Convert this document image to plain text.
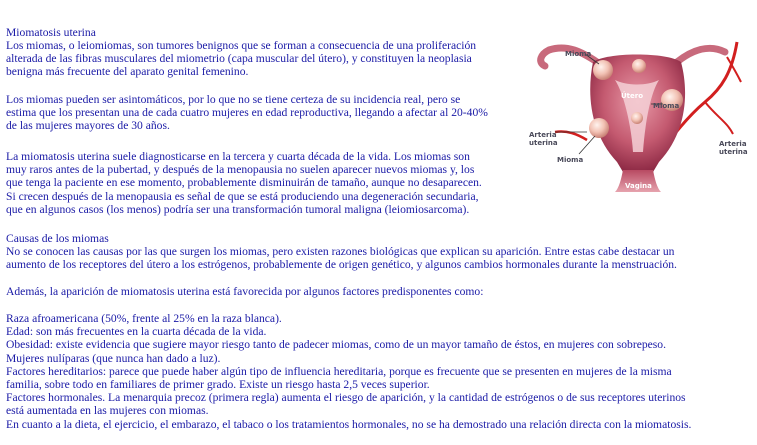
Miomatosis uterina
Los miomas, o leiomiomas, son tumores benignos que se forman a consecuencia de una proliferación
alterada de las fibras musculares del miometrio (capa muscular del útero), y constituyen la neoplasia
benigna más frecuente del aparato genital femenino.
Los miomas pueden ser asintomáticos, por lo que no se tiene certeza de su incidencia real, pero se
estima que los presentan una de cada cuatro mujeres en edad reproductiva, llegando a afectar al 20-40%
de las mujeres mayores de 30 años.
La miomatosis uterina suele diagnosticarse en la tercera y cuarta década de la vida. Los miomas son
muy raros antes de la pubertad, y después de la menopausia no suelen aparecer nuevos miomas y, los
que tenga la paciente en ese momento, probablemente disminuirán de tamaño, aunque no desaparecen.
Si crecen después de la menopausia es señal de que se está produciendo una degeneración secundaria,
que en algunos casos (los menos) podría ser una transformación tumoral maligna (leiomiosarcoma).
Causas de los miomas
No se conocen las causas por las que surgen los miomas, pero existen razones biológicas que explican su aparición. Entre estas cabe destacar un
aumento de los receptores del útero a los estrógenos, probablemente de origen genético, y algunos cambios hormonales durante la menstruación.
Además, la aparición de miomatosis uterina está favorecida por algunos factores predisponentes como:
Raza afroamericana (50%, frente al 25% en la raza blanca).
Edad: son más frecuentes en la cuarta década de la vida.
Obesidad: existe evidencia que sugiere mayor riesgo tanto de padecer miomas, como de un mayor tamaño de éstos, en mujeres con sobrepeso.
Mujeres nulíparas (que nunca han dado a luz).
Factores hereditarios: parece que puede haber algún tipo de influencia hereditaria, porque es frecuente que se presenten en mujeres de la misma
familia, sobre todo en familiares de primer grado. Existe un riesgo hasta 2,5 veces superior.
Factores hormonales. La menarquia precoz (primera regla) aumenta el riesgo de aparición, y la cantidad de estrógenos o de sus receptores uterinos
está aumentada en las mujeres con miomas.
En cuanto a la dieta, el ejercicio, el embarazo, el tabaco o los tratamientos hormonales, no se ha demostrado una relación directa con la miomatosis.
Mioma
Útero
Mioma
Arteria
uterina	Arteria
uterina
Mioma
Vagina
